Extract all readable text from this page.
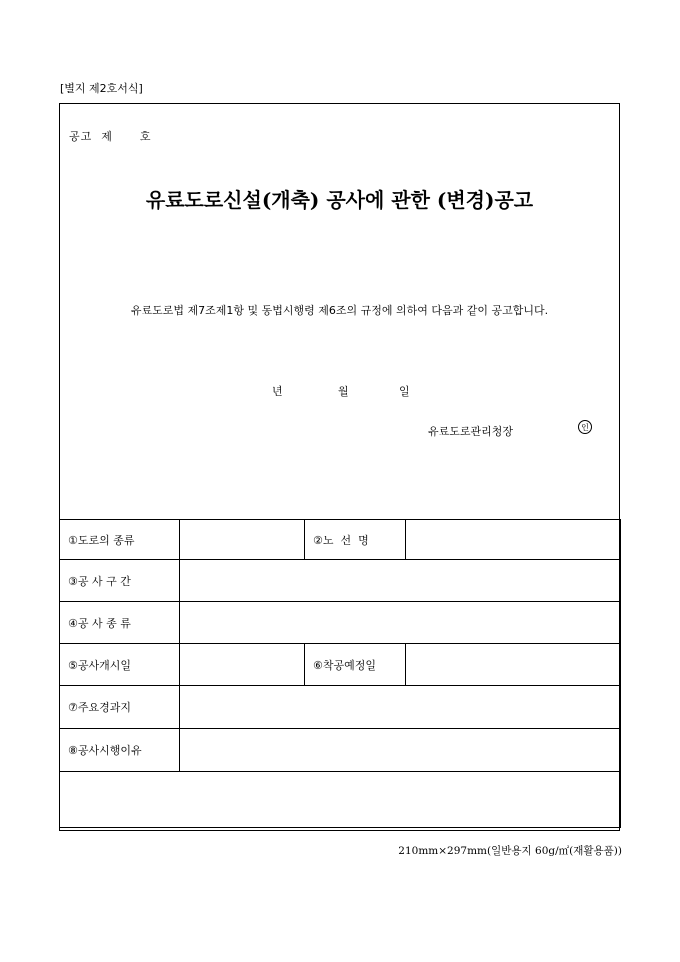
[별지 제2호서식]
공고  제      호
유료도로신설(개축) 공사에 관한 (변경)공고
유료도로법 제7조제1항 및 동법시행령 제6조의 규정에 의하여 다음과 같이 공고합니다.
년	월	일
유료도로관리청장	인
①도로의 종류		②노  선  명	
③공 사 구 간			
④공 사 종 류			
⑤공사개시일		⑥착공예정일	
⑦주요경과지			
⑧공사시행이유			

210mm×297mm(일반용지 60g/㎡(재활용품))
